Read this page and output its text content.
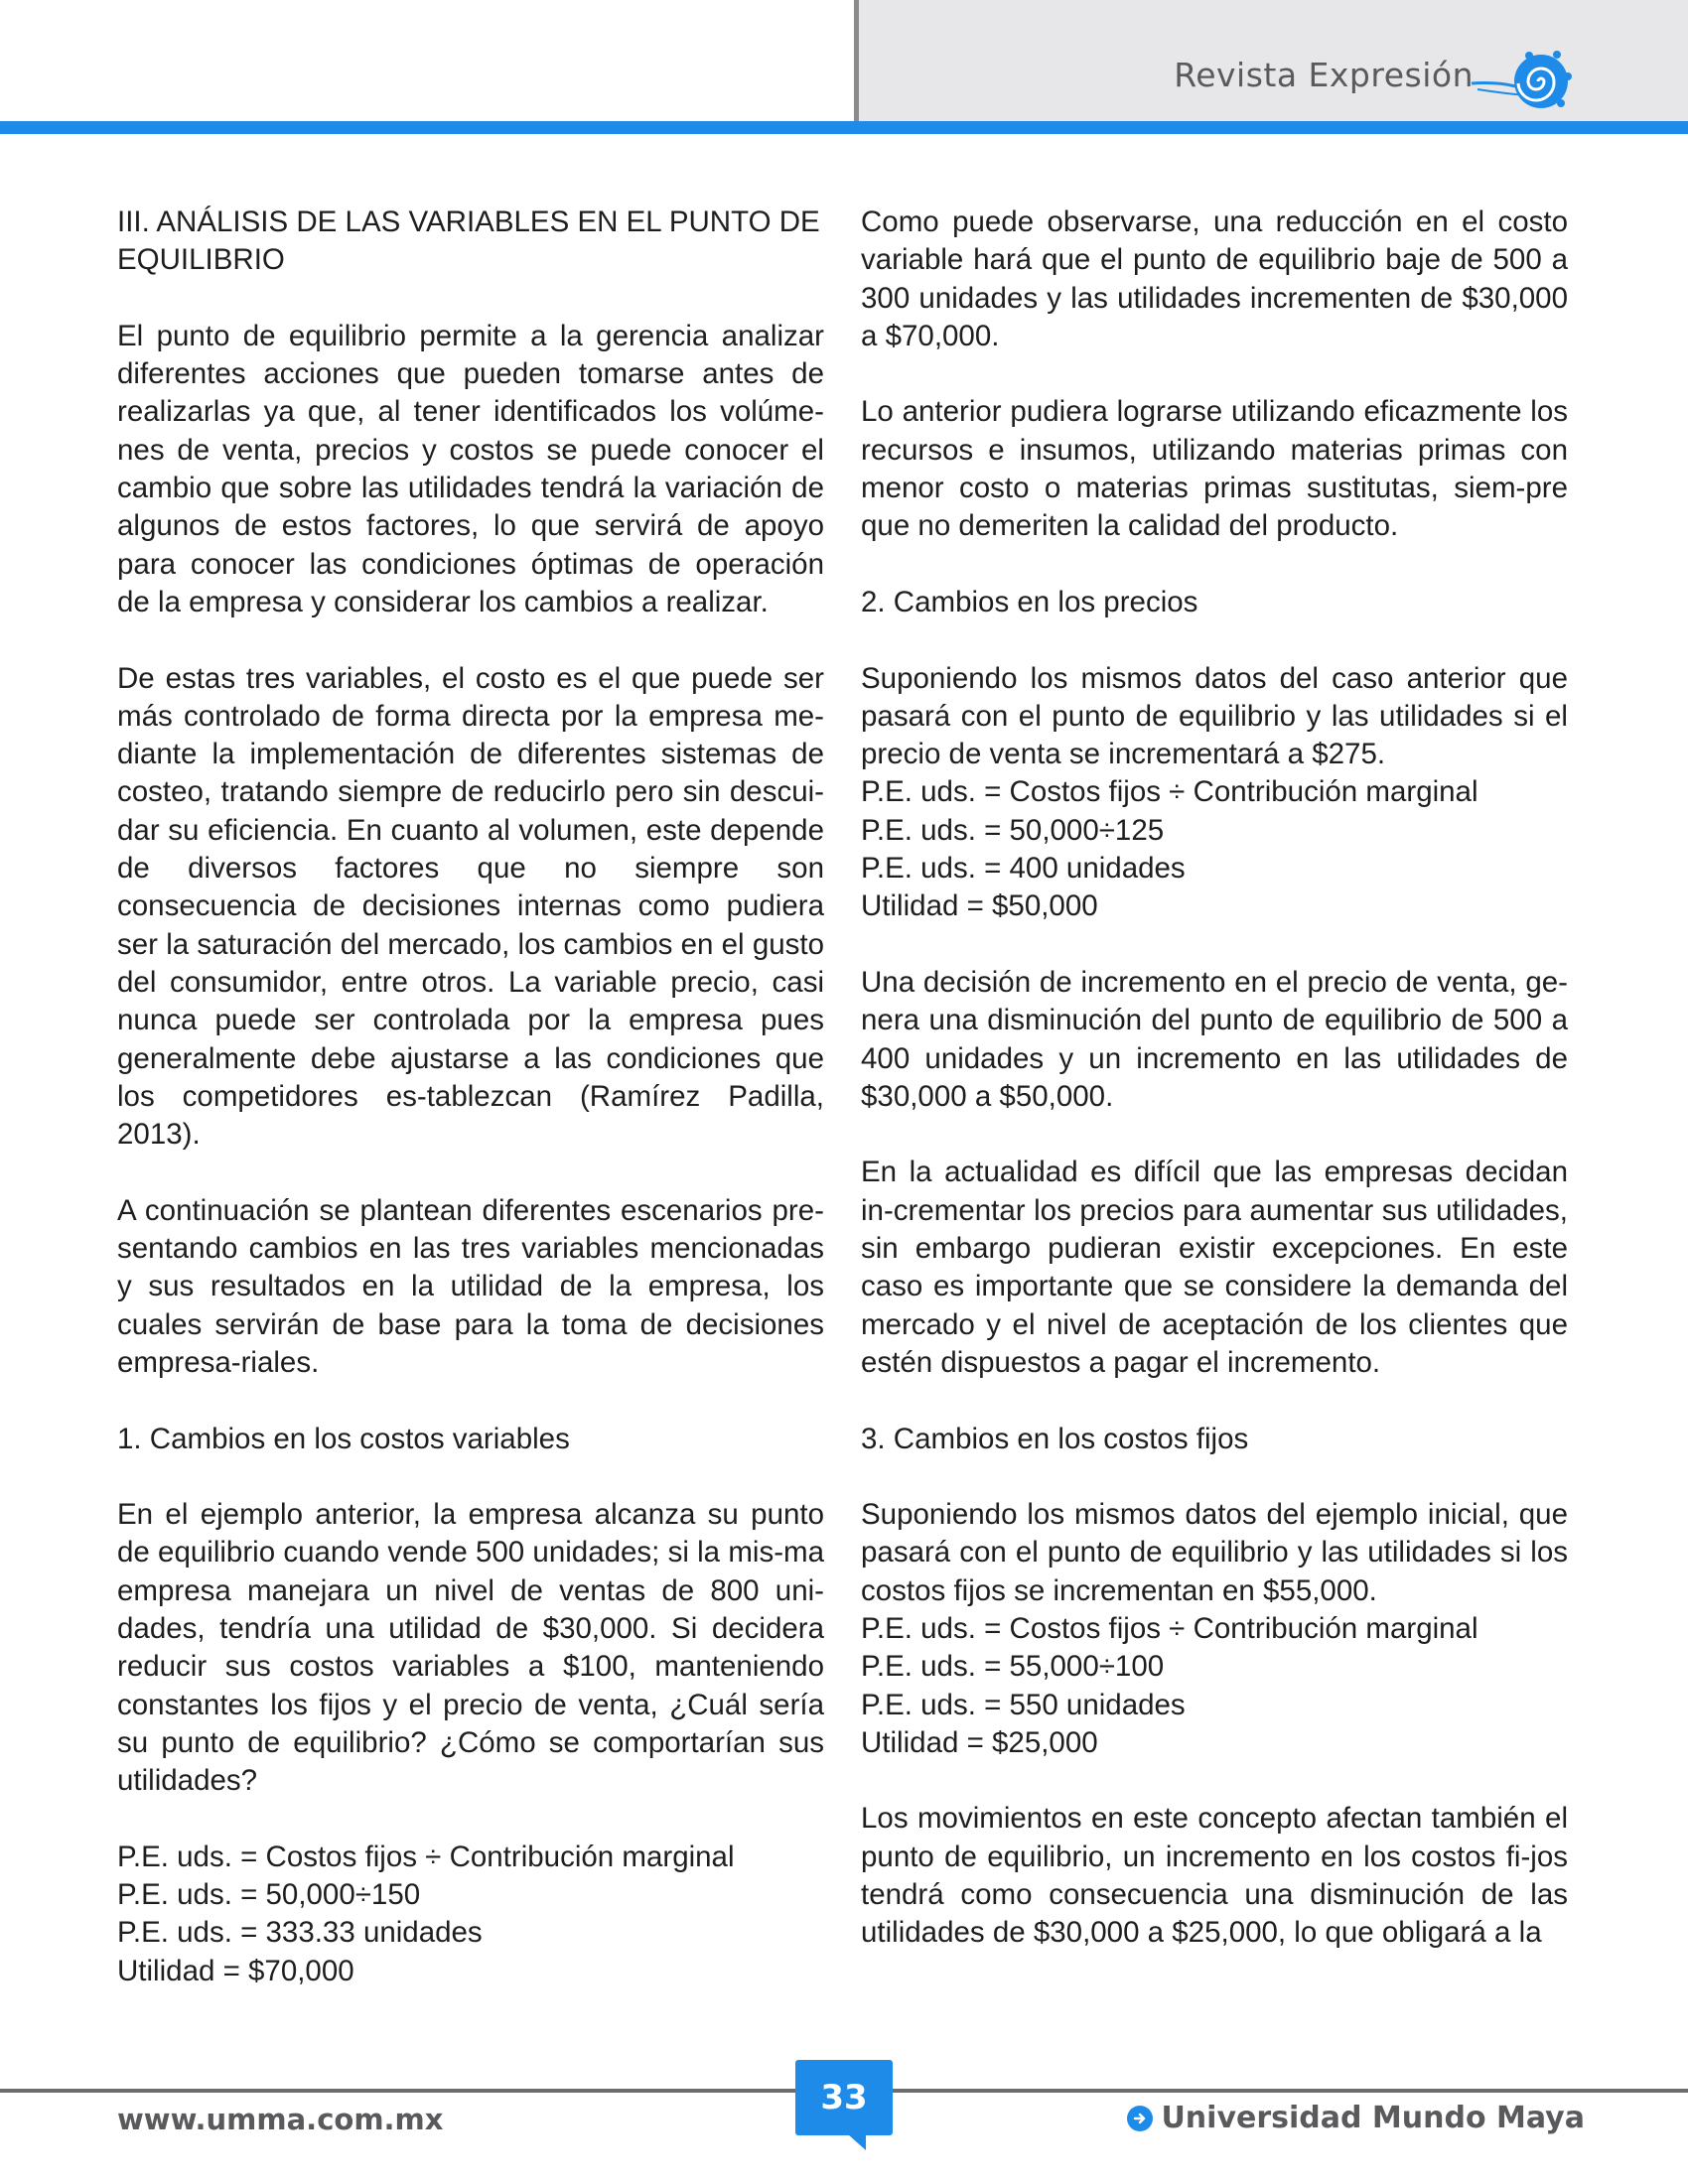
Revista Expresión

III. ANÁLISIS DE LAS VARIABLES EN EL PUNTO DE EQUILIBRIO

El punto de equilibrio permite a la gerencia analizar diferentes acciones que pueden tomarse antes de realizarlas ya que, al tener identificados los volúme-nes de venta, precios y costos se puede conocer el cambio que sobre las utilidades tendrá la variación de algunos de estos factores, lo que servirá de apoyo para conocer las condiciones óptimas de operación de la empresa y considerar los cambios a realizar.

De estas tres variables, el costo es el que puede ser más controlado de forma directa por la empresa me-diante la implementación de diferentes sistemas de costeo, tratando siempre de reducirlo pero sin descui-dar su eficiencia. En cuanto al volumen, este depende de diversos factores que no siempre son consecuencia de decisiones internas como pudiera ser la saturación del mercado, los cambios en el gusto del consumidor, entre otros. La variable precio, casi nunca puede ser controlada por la empresa pues generalmente debe ajustarse a las condiciones que los competidores es-tablezcan (Ramírez Padilla, 2013).

A continuación se plantean diferentes escenarios pre-sentando cambios en las tres variables mencionadas y sus resultados en la utilidad de la empresa, los cuales servirán de base para la toma de decisiones empresa-riales.

1. Cambios en los costos variables

En el ejemplo anterior, la empresa alcanza su punto de equilibrio cuando vende 500 unidades; si la mis-ma empresa manejara un nivel de ventas de 800 uni-dades, tendría una utilidad de $30,000. Si decidera reducir sus costos variables a $100, manteniendo constantes los fijos y el precio de venta, ¿Cuál sería su punto de equilibrio? ¿Cómo se comportarían sus utilidades?

P.E. uds. = Costos fijos ÷ Contribución marginal
P.E. uds. = 50,000÷150
P.E. uds. = 333.33 unidades
Utilidad = $70,000

Como puede observarse, una reducción en el costo variable hará que el punto de equilibrio baje de 500 a 300 unidades y las utilidades incrementen de $30,000 a $70,000.

Lo anterior pudiera lograrse utilizando eficazmente los recursos e insumos, utilizando materias primas con menor costo o materias primas sustitutas, siem-pre que no demeriten la calidad del producto.

2. Cambios en los precios

Suponiendo los mismos datos del caso anterior que pasará con el punto de equilibrio y las utilidades si el precio de venta se incrementará a $275.
P.E. uds. = Costos fijos ÷ Contribución marginal
P.E. uds. = 50,000÷125
P.E. uds. = 400 unidades
Utilidad = $50,000

Una decisión de incremento en el precio de venta, ge-nera una disminución del punto de equilibrio de 500 a 400 unidades y un incremento en las utilidades de $30,000 a $50,000.

En la actualidad es difícil que las empresas decidan in-crementar los precios para aumentar sus utilidades, sin embargo pudieran existir excepciones. En este caso es importante que se considere la demanda del mercado y el nivel de aceptación de los clientes que estén dispuestos a pagar el incremento.

3. Cambios en los costos fijos

Suponiendo los mismos datos del ejemplo inicial, que pasará con el punto de equilibrio y las utilidades si los costos fijos se incrementan en $55,000.
P.E. uds. = Costos fijos ÷ Contribución marginal
P.E. uds. = 55,000÷100
P.E. uds. = 550 unidades
Utilidad = $25,000

Los movimientos en este concepto afectan también el punto de equilibrio, un incremento en los costos fi-jos tendrá como consecuencia una disminución de las utilidades de $30,000 a $25,000, lo que obligará a la

33
www.umma.com.mx	Universidad Mundo Maya
